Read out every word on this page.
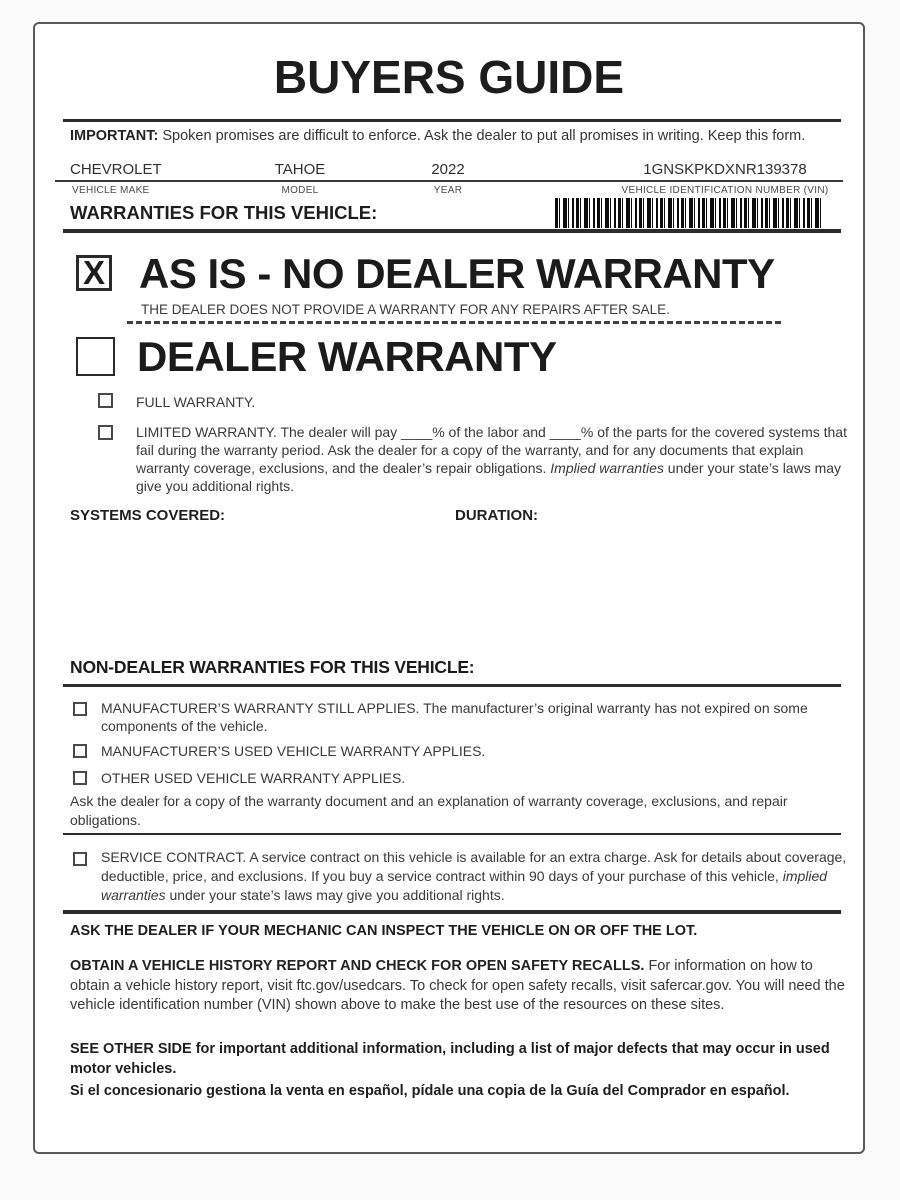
BUYERS GUIDE
IMPORTANT: Spoken promises are difficult to enforce. Ask the dealer to put all promises in writing. Keep this form.
CHEVROLET	TAHOE	2022	1GNSKPKDXNR139378
VEHICLE MAKE	MODEL	YEAR	VEHICLE IDENTIFICATION NUMBER (VIN)
WARRANTIES FOR THIS VEHICLE:
X AS IS - NO DEALER WARRANTY
THE DEALER DOES NOT PROVIDE A WARRANTY FOR ANY REPAIRS AFTER SALE.
DEALER WARRANTY
FULL WARRANTY.
LIMITED WARRANTY. The dealer will pay ____% of the labor and ____% of the parts for the covered systems that fail during the warranty period. Ask the dealer for a copy of the warranty, and for any documents that explain warranty coverage, exclusions, and the dealer’s repair obligations. Implied warranties under your state’s laws may give you additional rights.
SYSTEMS COVERED:	DURATION:
NON-DEALER WARRANTIES FOR THIS VEHICLE:
MANUFACTURER’S WARRANTY STILL APPLIES. The manufacturer’s original warranty has not expired on some components of the vehicle.
MANUFACTURER’S USED VEHICLE WARRANTY APPLIES.
OTHER USED VEHICLE WARRANTY APPLIES.
Ask the dealer for a copy of the warranty document and an explanation of warranty coverage, exclusions, and repair obligations.
SERVICE CONTRACT. A service contract on this vehicle is available for an extra charge. Ask for details about coverage, deductible, price, and exclusions. If you buy a service contract within 90 days of your purchase of this vehicle, implied warranties under your state’s laws may give you additional rights.
ASK THE DEALER IF YOUR MECHANIC CAN INSPECT THE VEHICLE ON OR OFF THE LOT.
OBTAIN A VEHICLE HISTORY REPORT AND CHECK FOR OPEN SAFETY RECALLS. For information on how to obtain a vehicle history report, visit ftc.gov/usedcars. To check for open safety recalls, visit safercar.gov. You will need the vehicle identification number (VIN) shown above to make the best use of the resources on these sites.
SEE OTHER SIDE for important additional information, including a list of major defects that may occur in used motor vehicles.
Si el concesionario gestiona la venta en español, pídale una copia de la Guía del Comprador en español.
